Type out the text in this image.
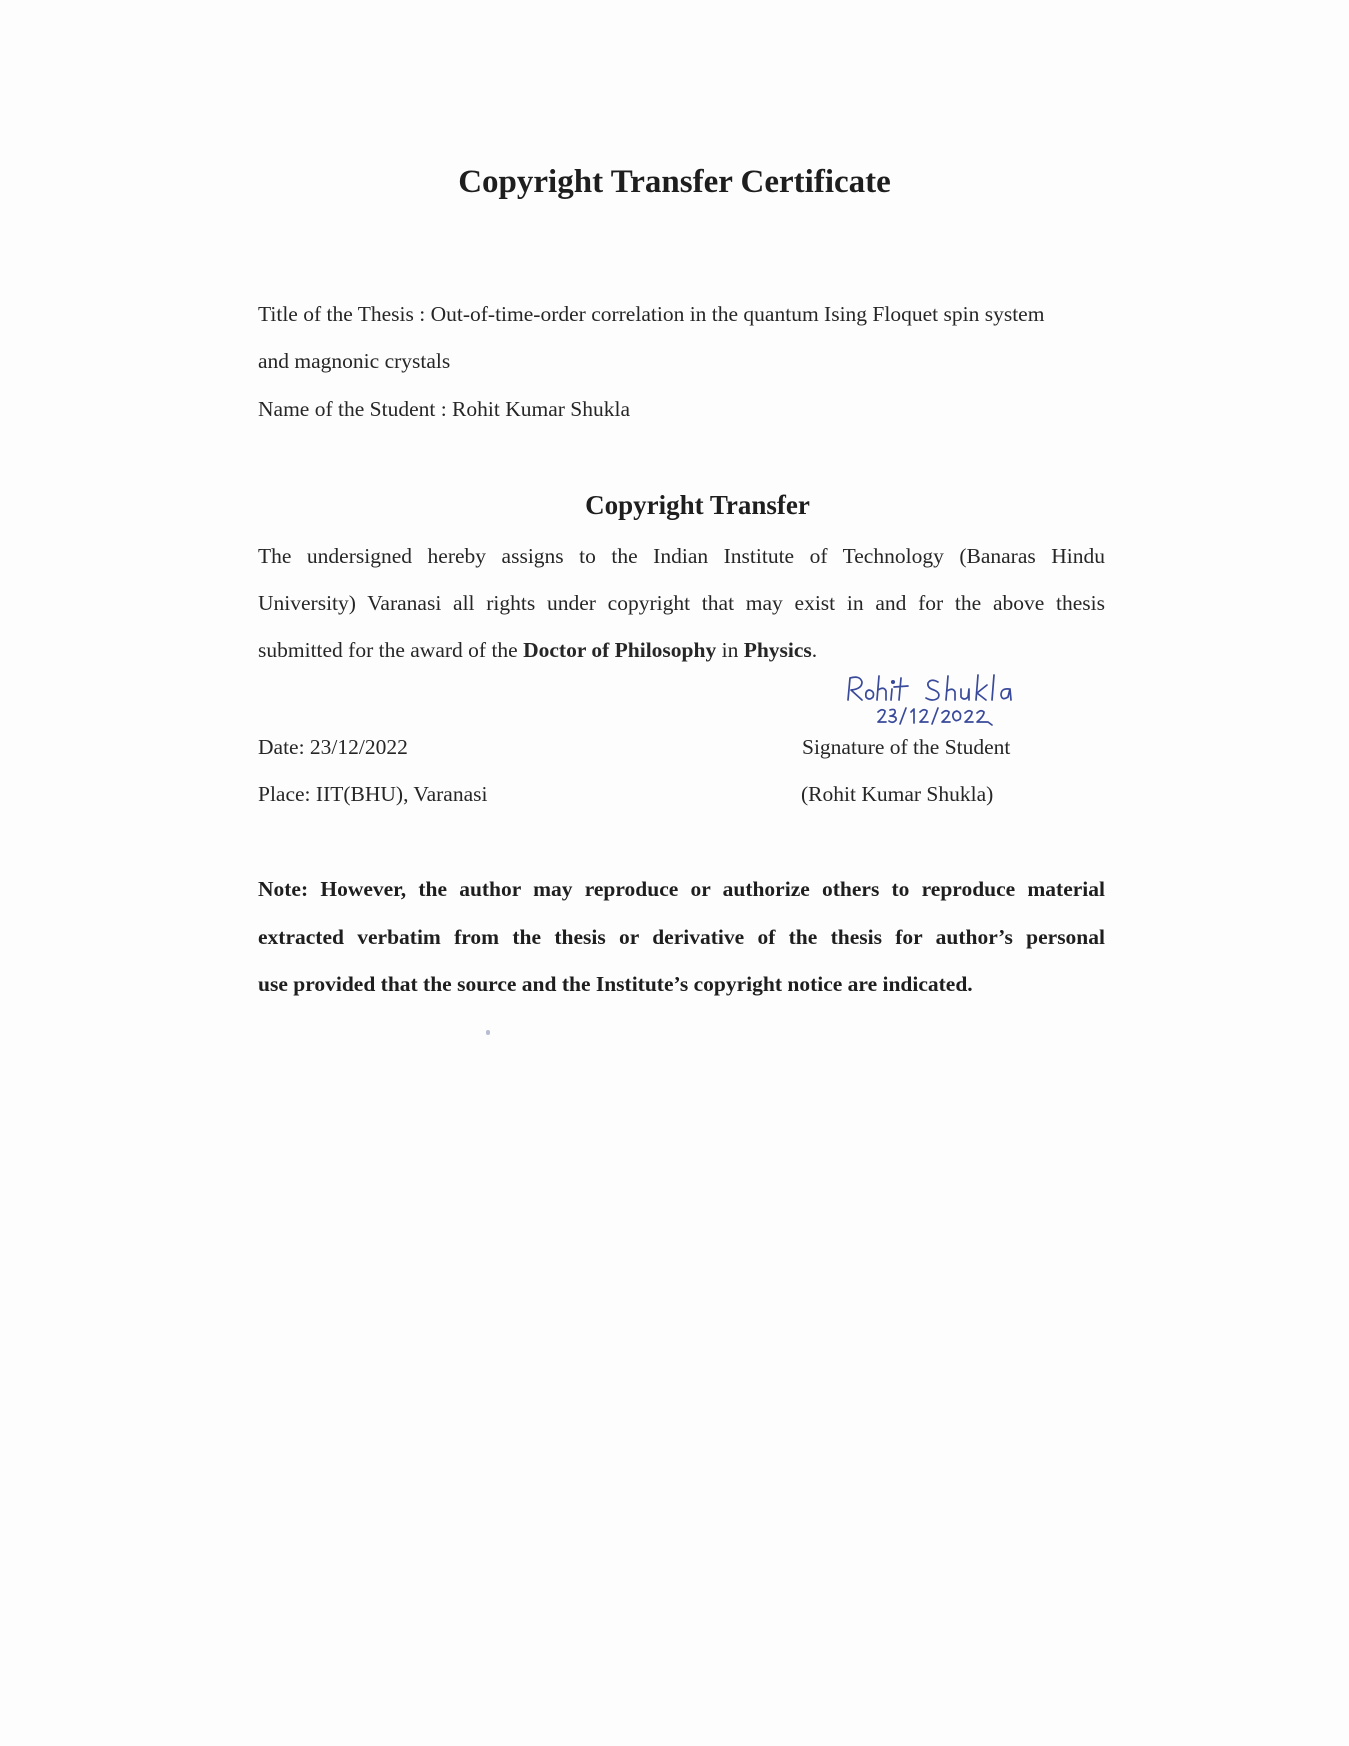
Copyright Transfer Certificate

Title of the Thesis : Out-of-time-order correlation in the quantum Ising Floquet spin system

and magnonic crystals

Name of the Student : Rohit Kumar Shukla

Copyright Transfer

The undersigned hereby assigns to the Indian Institute of Technology (Banaras Hindu

University) Varanasi all rights under copyright that may exist in and for the above thesis

submitted for the award of the Doctor of Philosophy in Physics.

Date: 23/12/2022	Signature of the Student

Place: IIT(BHU), Varanasi	(Rohit Kumar Shukla)

Note: However, the author may reproduce or authorize others to reproduce material

extracted verbatim from the thesis or derivative of the thesis for author’s personal

use provided that the source and the Institute’s copyright notice are indicated.
